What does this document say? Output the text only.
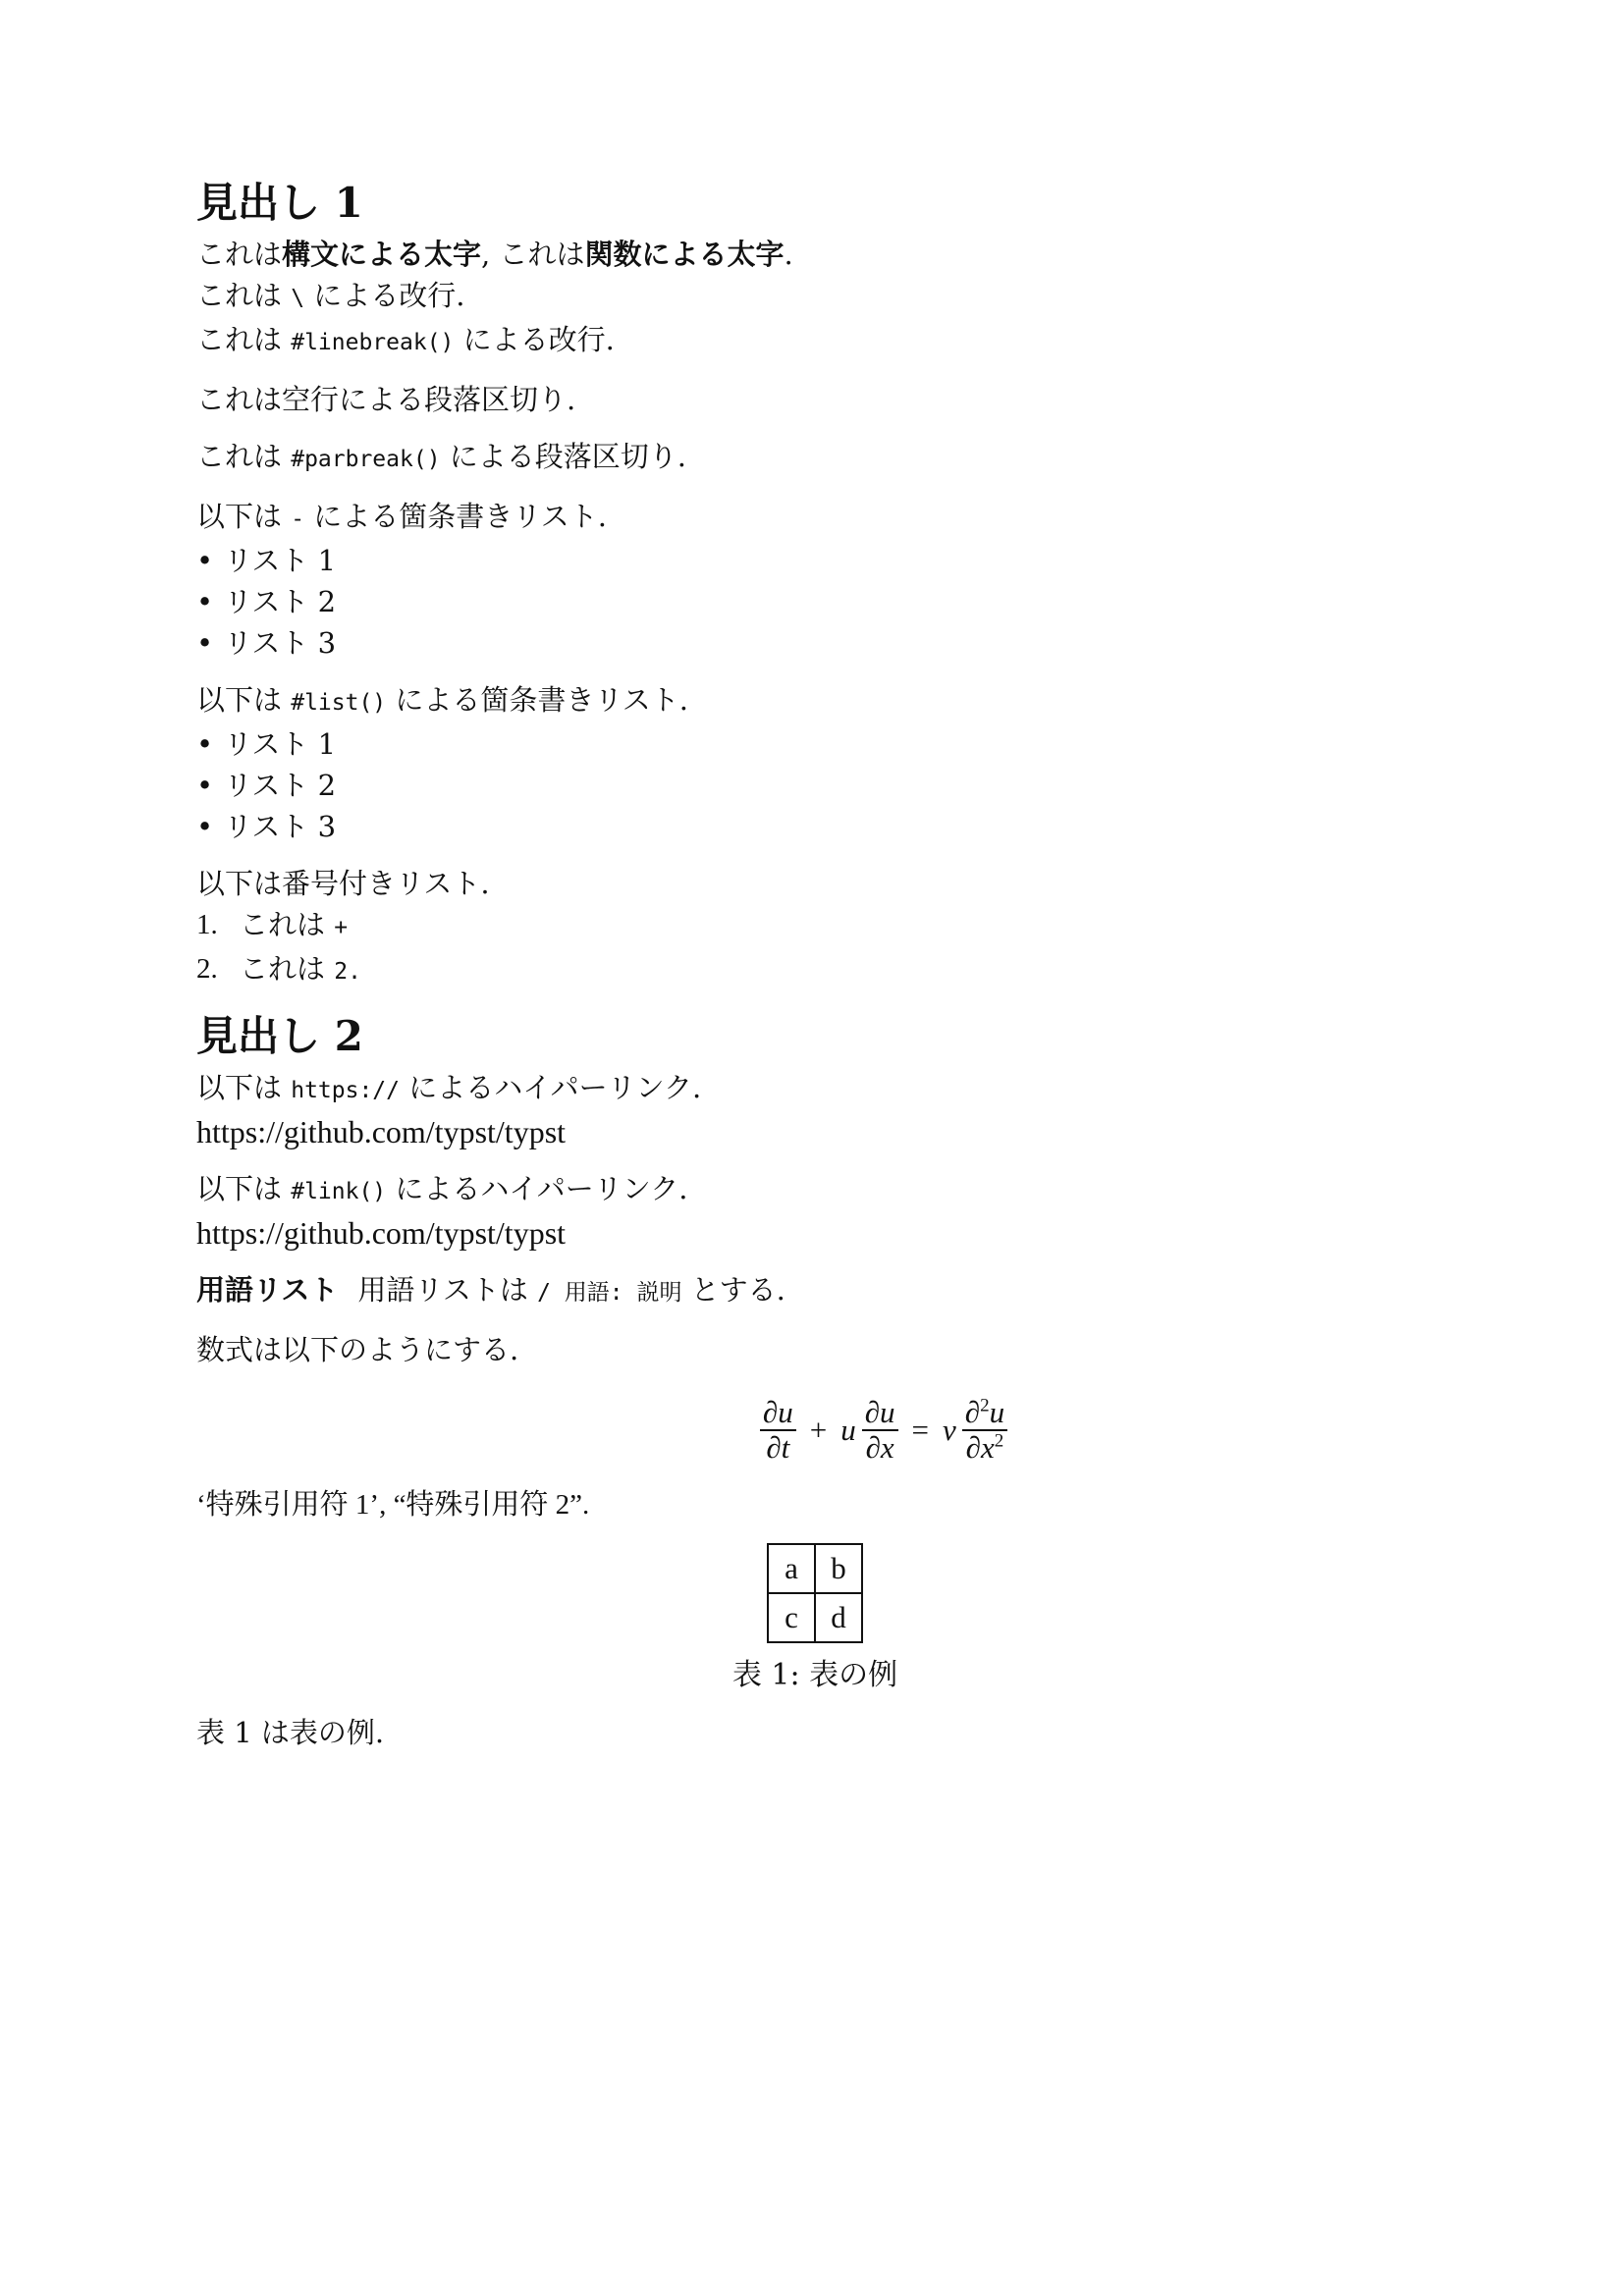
見出し 1

これは構文による太字, これは関数による太字.

これは \ による改行.

これは #linebreak() による改行.

これは空行による段落区切り.

これは #parbreak() による段落区切り.

以下は - による箇条書きリスト.

• リスト 1
• リスト 2
• リスト 3

以下は #list() による箇条書きリスト.

• リスト 1
• リスト 2
• リスト 3

以下は番号付きリスト.

1. これは +
2. これは 2.
見出し 2

以下は https:// によるハイパーリンク.

https://github.com/typst/typst

以下は #link() によるハイパーリンク.

https://github.com/typst/typst

用語リスト 用語リストは / 用語: 説明 とする.

数式は以下のようにする.

$\frac{\partial u}{\partial t} + u \frac{\partial u}{\partial x} = \nu \frac{\partial^2u}{\partial x^2}$

‘特殊引用符 1’, “特殊引用符 2”.

a	b
c	d
表 1: 表の例

表 1 は表の例.
